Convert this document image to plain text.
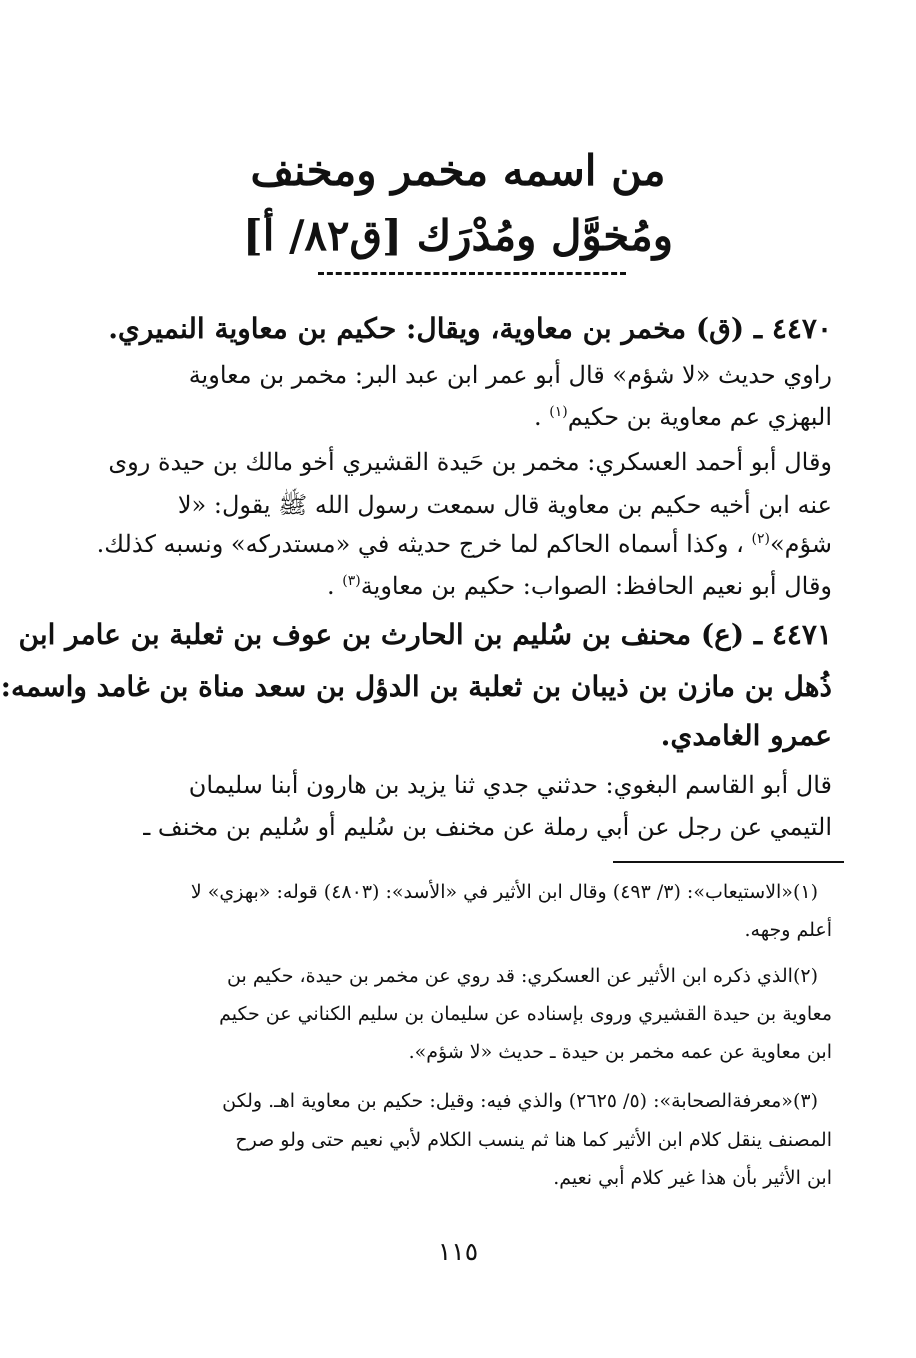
من اسمه مخمر ومخنف
ومُخوَّل ومُدْرَك [ق٨٢/ أ]
٤٤٧٠ ـ (ق) مخمر بن معاوية، ويقال: حكيم بن معاوية النميري.
راوي حديث «لا شؤم» قال أبو عمر ابن عبد البر: مخمر بن معاوية
البهزي عم معاوية بن حكيم$^{(١)}$ .
وقال أبو أحمد العسكري: مخمر بن حَيدة القشيري أخو مالك بن حيدة روى
عنه ابن أخيه حكيم بن معاوية قال سمعت رسول الله ﷺ يقول: «لا
شؤم»$^{(٢)}$ ، وكذا أسماه الحاكم لما خرج حديثه في «مستدركه» ونسبه كذلك.
وقال أبو نعيم الحافظ: الصواب: حكيم بن معاوية$^{(٣)}$ .
٤٤٧١ ـ (ع) محنف بن سُليم بن الحارث بن عوف بن ثعلبة بن عامر ابن
ذُهل بن مازن بن ذيبان بن ثعلبة بن الدؤل بن سعد مناة بن غامد واسمه:
عمرو الغامدي.
قال أبو القاسم البغوي: حدثني جدي ثنا يزيد بن هارون أبنا سليمان
التيمي عن رجل عن أبي رملة عن مخنف بن سُليم أو سُليم بن مخنف ـ
(١)«الاستيعاب»: (٣/ ٤٩٣) وقال ابن الأثير في «الأسد»: (٤٨٠٣) قوله: «بهزي» لا
أعلم وجهه.
(٢)الذي ذكره ابن الأثير عن العسكري: قد روي عن مخمر بن حيدة، حكيم بن
معاوية بن حيدة القشيري وروى بإسناده عن سليمان بن سليم الكناني عن حكيم
ابن معاوية عن عمه مخمر بن حيدة ـ حديث «لا شؤم».
(٣)«معرفةالصحابة»: (٥/ ٢٦٢٥) والذي فيه: وقيل: حكيم بن معاوية اهـ. ولكن
المصنف ينقل كلام ابن الأثير كما هنا ثم ينسب الكلام لأبي نعيم حتى ولو صرح
ابن الأثير بأن هذا غير كلام أبي نعيم.
١١٥
